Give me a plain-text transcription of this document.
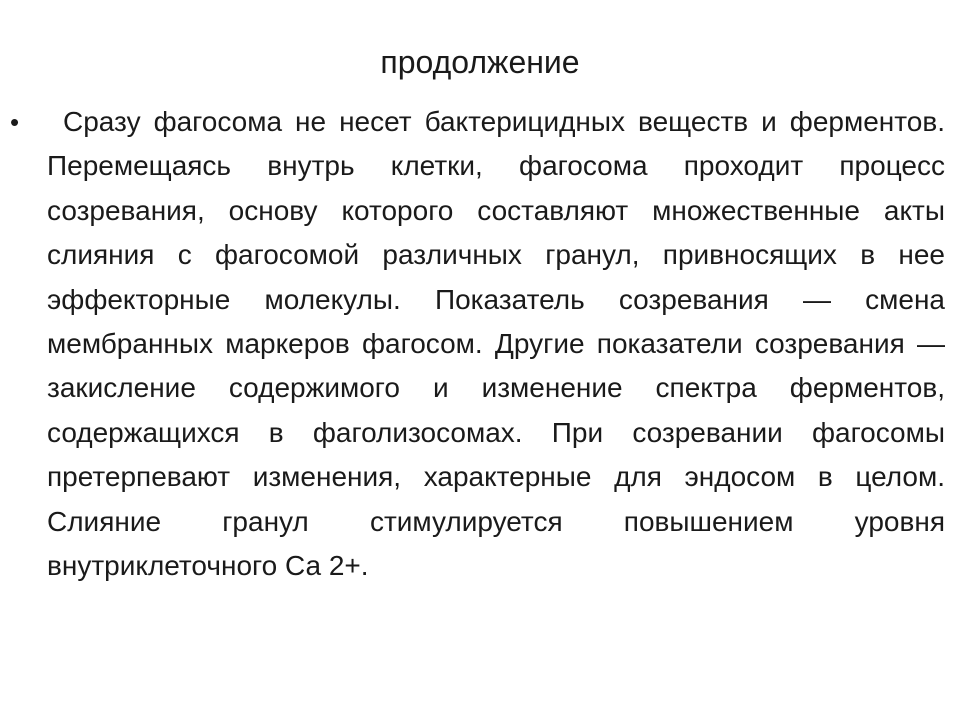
продолжение
•	Сразу фагосома не несет бактерицидных веществ и ферментов. Перемещаясь внутрь клетки, фагосома проходит процесс созревания, основу которого составляют множественные акты слияния с фагосомой различных гранул, привносящих в нее эффекторные молекулы. Показатель созревания — смена мембранных маркеров фагосом. Другие показатели созревания — закисление содержимого и изменение спектра ферментов, содержащихся в фаголизосомах. При созревании фагосомы претерпевают изменения, характерные для эндосом в целом. Слияние гранул стимулируется повышением уровня внутриклеточного Са 2+.
